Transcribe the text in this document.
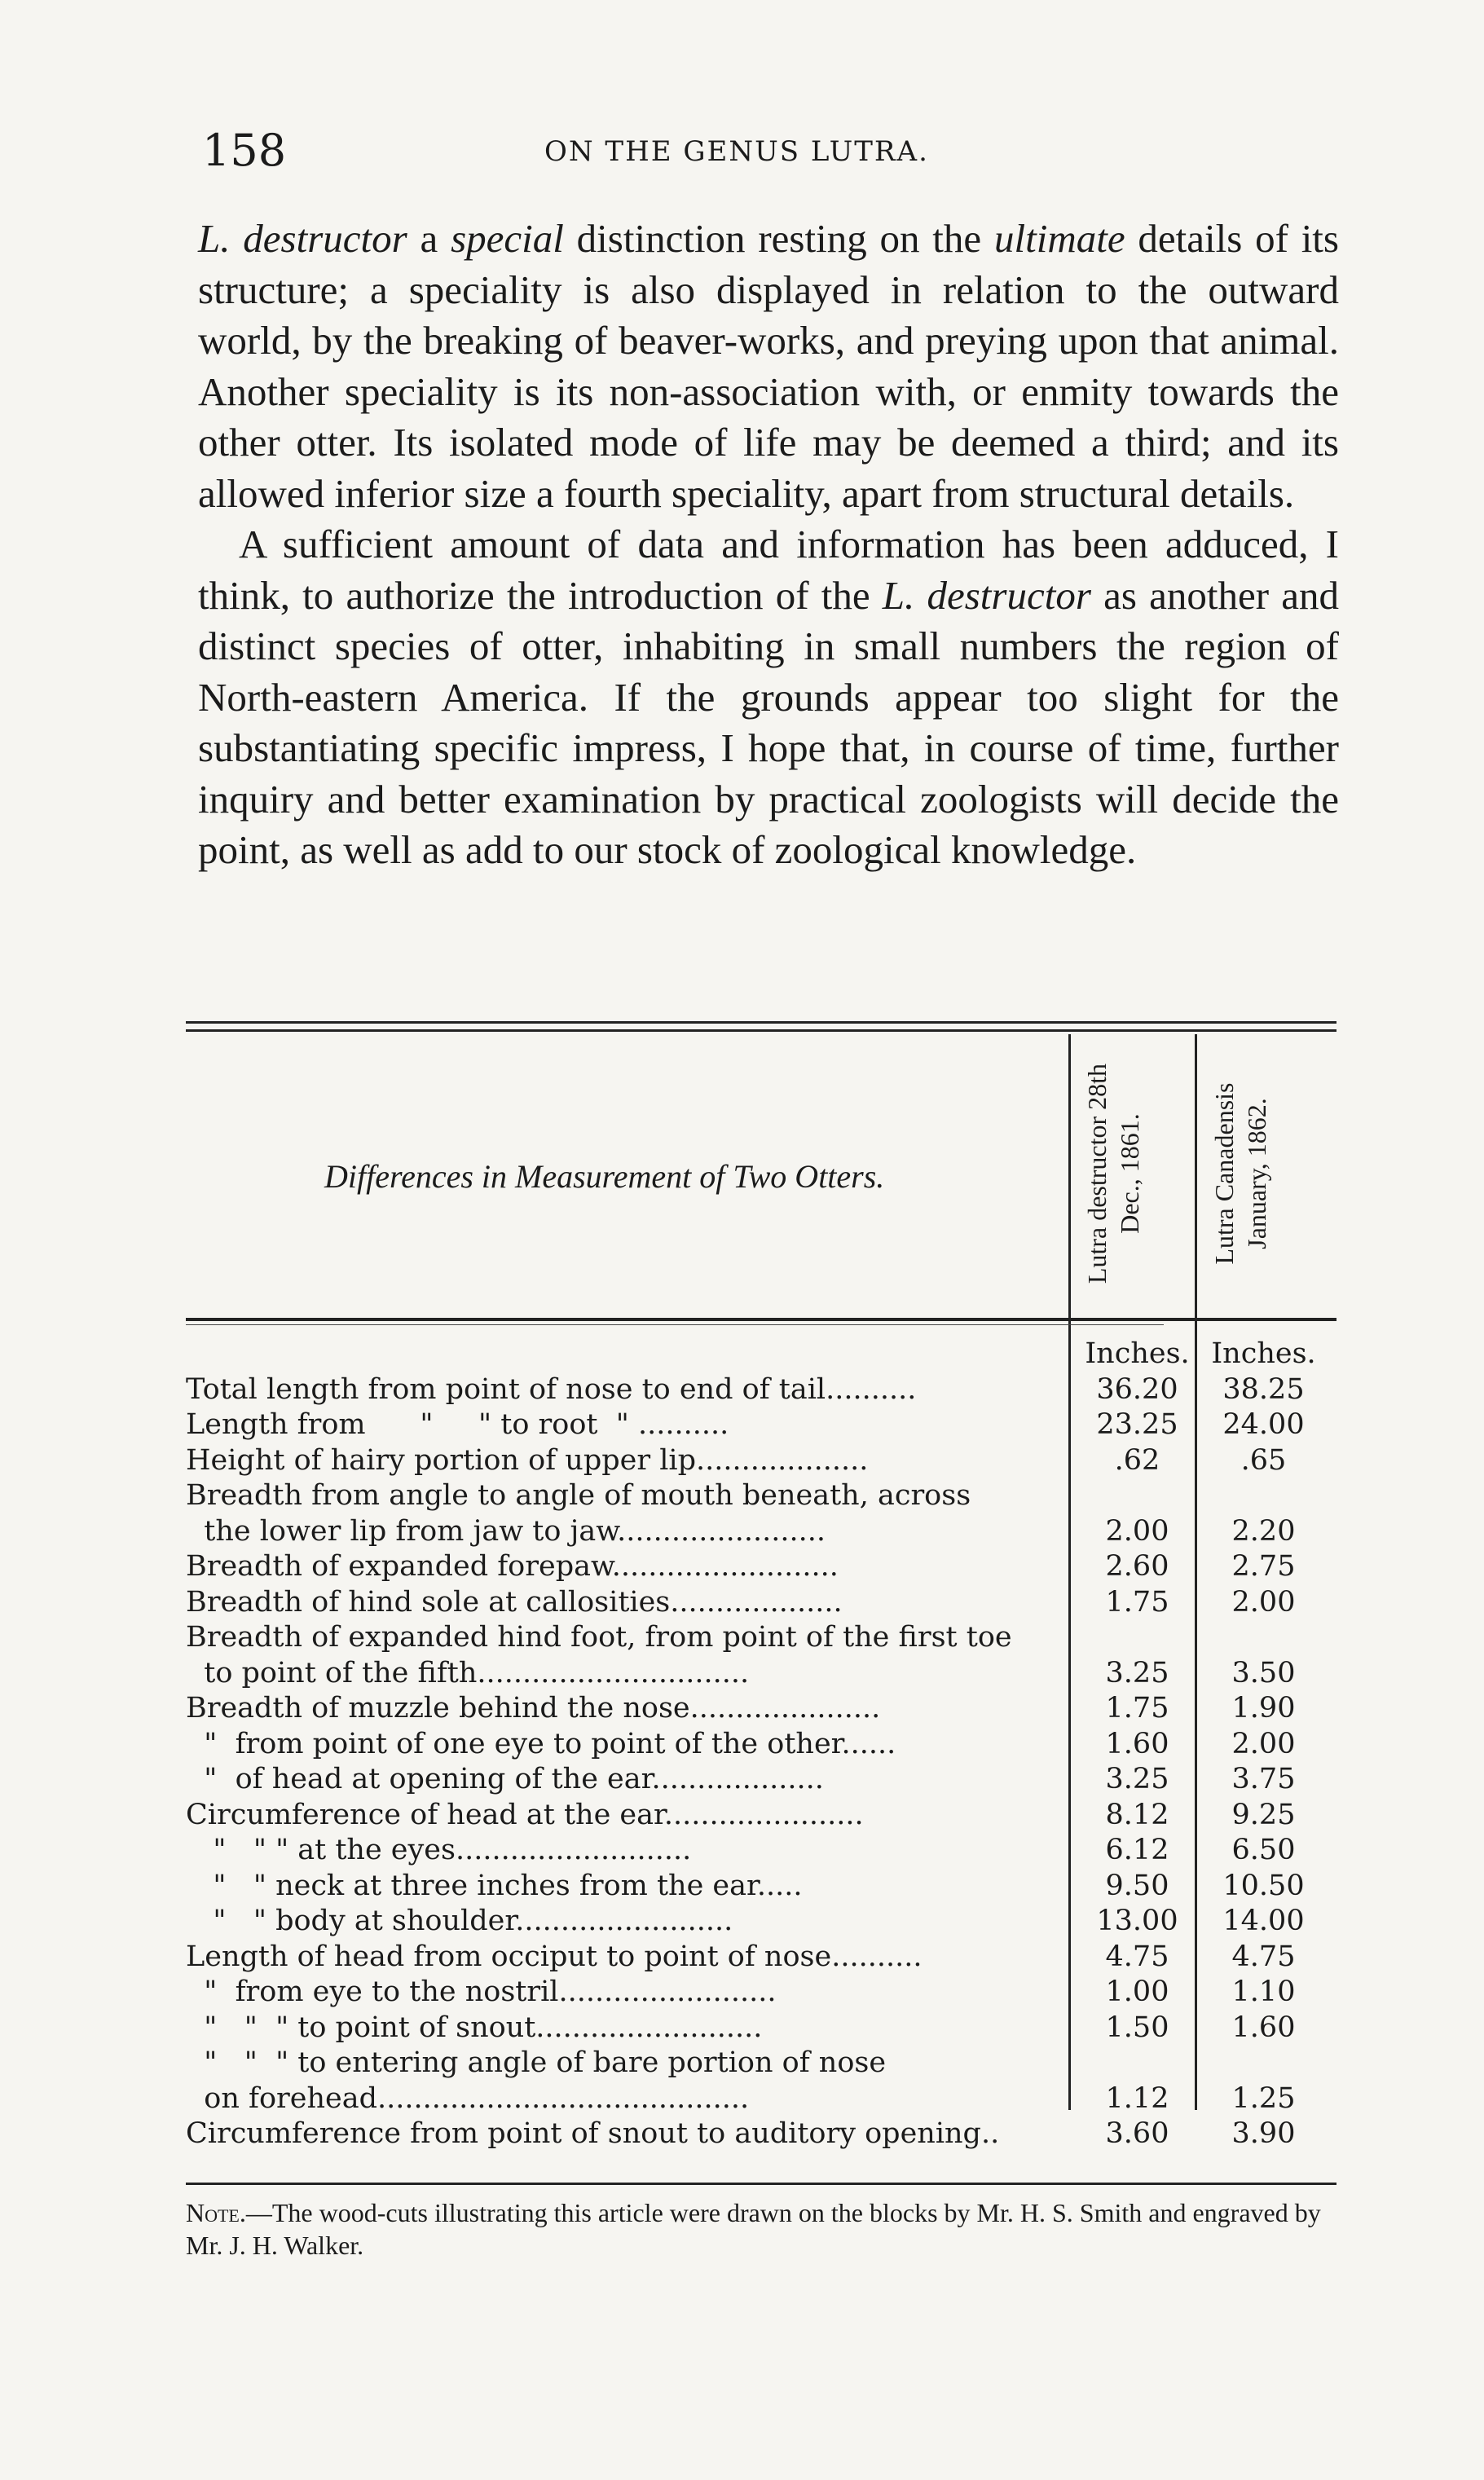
158	ON THE GENUS LUTRA.

L. destructor a special distinction resting on the ultimate details of its structure; a speciality is also displayed in relation to the outward world, by the breaking of beaver-works, and preying upon that animal. Another speciality is its non-association with, or enmity towards the other otter. Its isolated mode of life may be deemed a third; and its allowed inferior size a fourth speciality, apart from structural details.

A sufficient amount of data and information has been adduced, I think, to authorize the introduction of the L. destructor as another and distinct species of otter, inhabiting in small numbers the region of North-eastern America. If the grounds appear too slight for the substantiating specific impress, I hope that, in course of time, further inquiry and better examination by practical zoologists will decide the point, as well as add to our stock of zoological knowledge.

Differences in Measurement of Two Otters.	Lutra destructor 28th Dec., 1861.	Lutra Canadensis January, 1862.
Inches. Inches.
Total length from point of nose to end of tail..........	36.20	38.25
Length from      "     " to root  " ..........	23.25	24.00
Height of hairy portion of upper lip...................	.62	.65
Breadth from angle to angle of mouth beneath, across
the lower lip from jaw to jaw.......................	2.00	2.20
Breadth of expanded forepaw.........................	2.60	2.75
Breadth of hind sole at callosities...................	1.75	2.00
Breadth of expanded hind foot, from point of the first toe
to point of the fifth..............................	3.25	3.50
Breadth of muzzle behind the nose.....................	1.75	1.90
"  from point of one eye to point of the other......	1.60	2.00
"  of head at opening of the ear...................	3.25	3.75
Circumference of head at the ear......................	8.12	9.25
"   " " at the eyes..........................	6.12	6.50
"   " neck at three inches from the ear.....	9.50	10.50
"   " body at shoulder........................	13.00	14.00
Length of head from occiput to point of nose..........	4.75	4.75
"  from eye to the nostril........................	1.00	1.10
"   "  " to point of snout.........................	1.50	1.60
"   "  " to entering angle of bare portion of nose
on forehead.........................................	1.12	1.25
Circumference from point of snout to auditory opening..	3.60	3.90
Note.—The wood-cuts illustrating this article were drawn on the blocks by Mr. H. S. Smith and engraved by Mr. J. H. Walker.
